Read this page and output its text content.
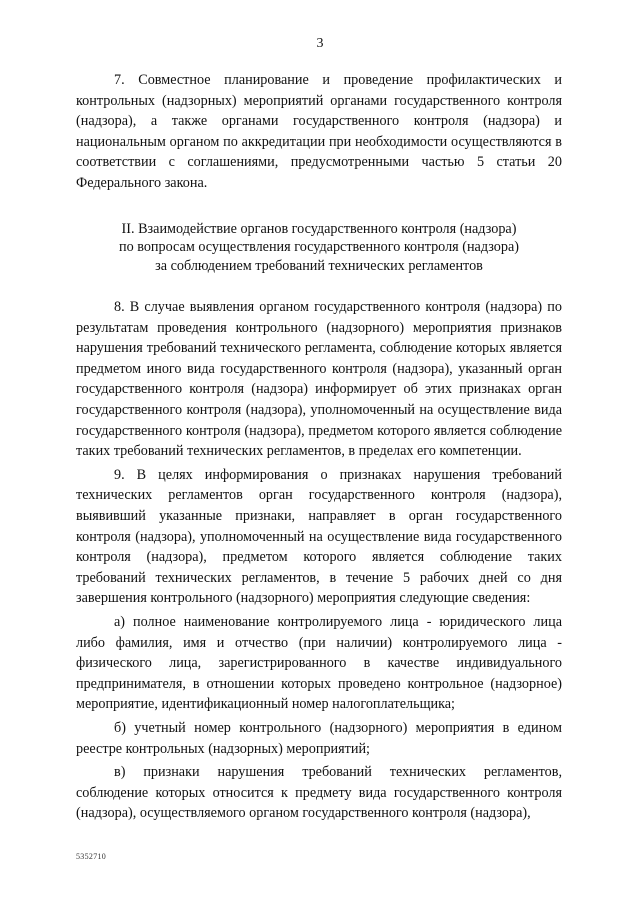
3

7. Совместное планирование и проведение профилактических и контрольных (надзорных) мероприятий органами государственного контроля (надзора), а также органами государственного контроля (надзора) и национальным органом по аккредитации при необходимости осуществляются в соответствии с соглашениями, предусмотренными частью 5 статьи 20 Федерального закона.

II. Взаимодействие органов государственного контроля (надзора)
по вопросам осуществления государственного контроля (надзора)
за соблюдением требований технических регламентов

8. В случае выявления органом государственного контроля (надзора) по результатам проведения контрольного (надзорного) мероприятия признаков нарушения требований технического регламента, соблюдение которых является предметом иного вида государственного контроля (надзора), указанный орган государственного контроля (надзора) информирует об этих признаках орган государственного контроля (надзора), уполномоченный на осуществление вида государственного контроля (надзора), предметом которого является соблюдение таких требований технических регламентов, в пределах его компетенции.

9. В целях информирования о признаках нарушения требований технических регламентов орган государственного контроля (надзора), выявивший указанные признаки, направляет в орган государственного контроля (надзора), уполномоченный на осуществление вида государственного контроля (надзора), предметом которого является соблюдение таких требований технических регламентов, в течение 5 рабочих дней со дня завершения контрольного (надзорного) мероприятия следующие сведения:

а) полное наименование контролируемого лица - юридического лица либо фамилия, имя и отчество (при наличии) контролируемого лица - физического лица, зарегистрированного в качестве индивидуального предпринимателя, в отношении которых проведено контрольное (надзорное) мероприятие, идентификационный номер налогоплательщика;

б) учетный номер контрольного (надзорного) мероприятия в едином реестре контрольных (надзорных) мероприятий;

в) признаки нарушения требований технических регламентов, соблюдение которых относится к предмету вида государственного контроля (надзора), осуществляемого органом государственного контроля (надзора),

5352710
